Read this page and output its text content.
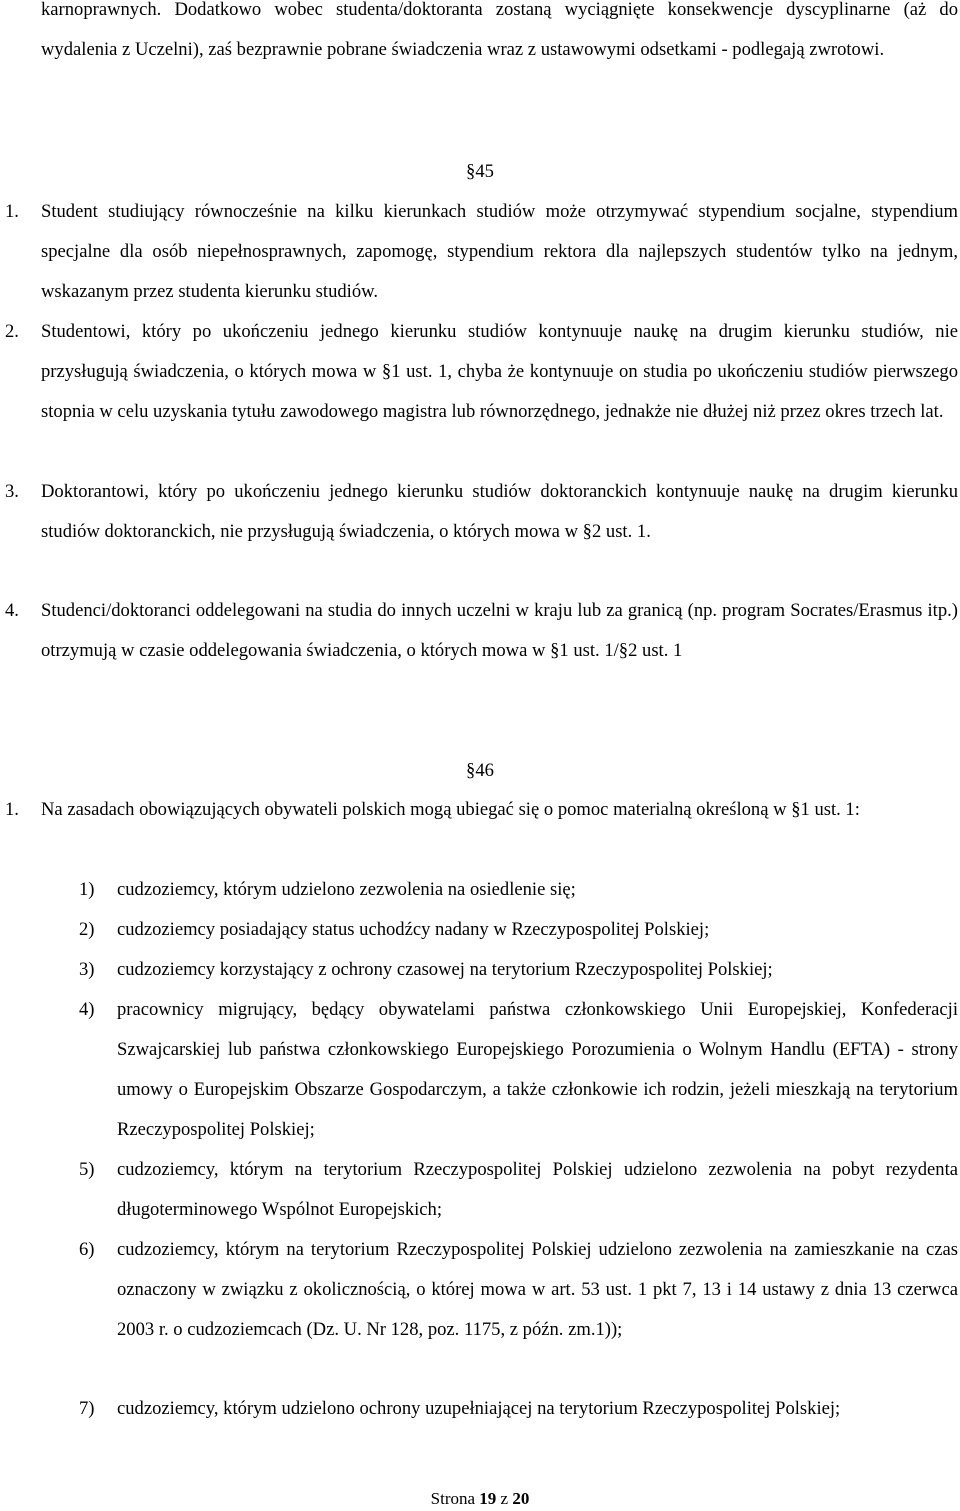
karnoprawnych. Dodatkowo wobec studenta/doktoranta zostaną wyciągnięte konsekwencje dyscyplinarne (aż do wydalenia z Uczelni), zaś bezprawnie pobrane świadczenia wraz z ustawowymi odsetkami - podlegają zwrotowi.

§45

1. Student studiujący równocześnie na kilku kierunkach studiów może otrzymywać stypendium socjalne, stypendium specjalne dla osób niepełnosprawnych, zapomogę, stypendium rektora dla najlepszych studentów tylko na jednym, wskazanym przez studenta kierunku studiów.
2. Studentowi, który po ukończeniu jednego kierunku studiów kontynuuje naukę na drugim kierunku studiów, nie przysługują świadczenia, o których mowa w §1 ust. 1, chyba że kontynuuje on studia po ukończeniu studiów pierwszego stopnia w celu uzyskania tytułu zawodowego magistra lub równorzędnego, jednakże nie dłużej niż przez okres trzech lat.
3. Doktorantowi, który po ukończeniu jednego kierunku studiów doktoranckich kontynuuje naukę na drugim kierunku studiów doktoranckich, nie przysługują świadczenia, o których mowa w §2 ust. 1.
4. Studenci/doktoranci oddelegowani na studia do innych uczelni w kraju lub za granicą (np. program Socrates/Erasmus itp.) otrzymują w czasie oddelegowania świadczenia, o których mowa w §1 ust. 1/§2 ust. 1

§46

1. Na zasadach obowiązujących obywateli polskich mogą ubiegać się o pomoc materialną określoną w §1 ust. 1:
1) cudzoziemcy, którym udzielono zezwolenia na osiedlenie się;
2) cudzoziemcy posiadający status uchodźcy nadany w Rzeczypospolitej Polskiej;
3) cudzoziemcy korzystający z ochrony czasowej na terytorium Rzeczypospolitej Polskiej;
4) pracownicy migrujący, będący obywatelami państwa członkowskiego Unii Europejskiej, Konfederacji Szwajcarskiej lub państwa członkowskiego Europejskiego Porozumienia o Wolnym Handlu (EFTA) - strony umowy o Europejskim Obszarze Gospodarczym, a także członkowie ich rodzin, jeżeli mieszkają na terytorium Rzeczypospolitej Polskiej;
5) cudzoziemcy, którym na terytorium Rzeczypospolitej Polskiej udzielono zezwolenia na pobyt rezydenta długoterminowego Wspólnot Europejskich;
6) cudzoziemcy, którym na terytorium Rzeczypospolitej Polskiej udzielono zezwolenia na zamieszkanie na czas oznaczony w związku z okolicznością, o której mowa w art. 53 ust. 1 pkt 7, 13 i 14 ustawy z dnia 13 czerwca 2003 r. o cudzoziemcach (Dz. U. Nr 128, poz. 1175, z późn. zm.1));
7) cudzoziemcy, którym udzielono ochrony uzupełniającej na terytorium Rzeczypospolitej Polskiej;
Strona 19 z 20
